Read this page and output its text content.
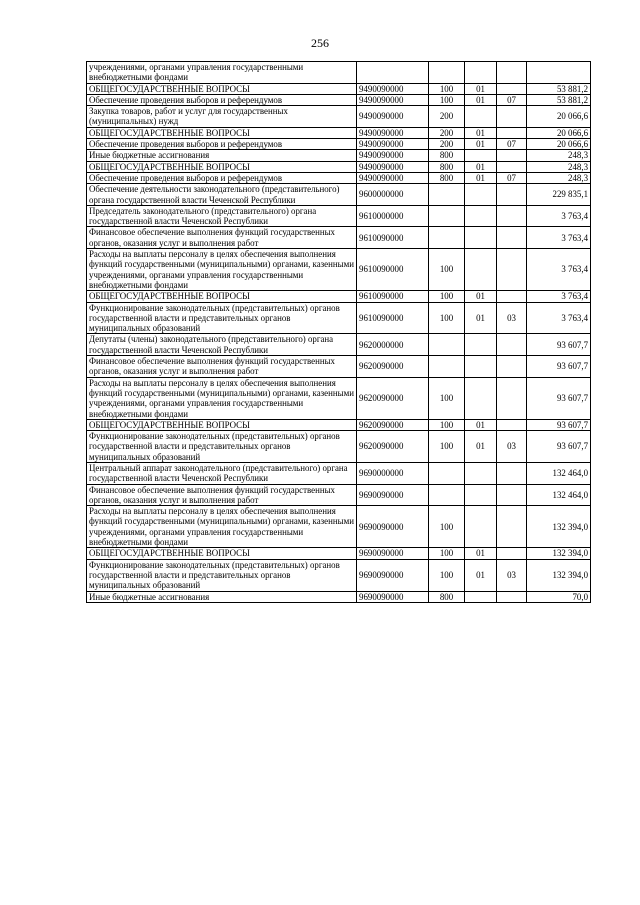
256
учреждениями, органами управления государственными внебюджетными фондами					
ОБЩЕГОСУДАРСТВЕННЫЕ ВОПРОСЫ	9490090000	100	01		53 881,2
Обеспечение проведения выборов и референдумов	9490090000	100	01	07	53 881,2
Закупка товаров, работ и услуг для государственных (муниципальных) нужд	9490090000	200			20 066,6
ОБЩЕГОСУДАРСТВЕННЫЕ ВОПРОСЫ	9490090000	200	01		20 066,6
Обеспечение проведения выборов и референдумов	9490090000	200	01	07	20 066,6
Иные бюджетные ассигнования	9490090000	800			248,3
ОБЩЕГОСУДАРСТВЕННЫЕ ВОПРОСЫ	9490090000	800	01		248,3
Обеспечение проведения выборов и референдумов	9490090000	800	01	07	248,3
Обеспечение деятельности законодательного (представительного) органа государственной власти Чеченской Республики	9600000000				229 835,1
Председатель законодательного (представительного) органа государственной власти Чеченской Республики	9610000000				3 763,4
Финансовое обеспечение выполнения функций государственных органов, оказания услуг и выполнения работ	9610090000				3 763,4
Расходы на выплаты персоналу в целях обеспечения выполнения функций государственными (муниципальными) органами, казенными учреждениями, органами управления государственными внебюджетными фондами	9610090000	100			3 763,4
ОБЩЕГОСУДАРСТВЕННЫЕ ВОПРОСЫ	9610090000	100	01		3 763,4
Функционирование законодательных (представительных) органов государственной власти и представительных органов муниципальных образований	9610090000	100	01	03	3 763,4
Депутаты (члены) законодательного (представительного) органа государственной власти Чеченской Республики	9620000000				93 607,7
Финансовое обеспечение выполнения функций государственных органов, оказания услуг и выполнения работ	9620090000				93 607,7
Расходы на выплаты персоналу в целях обеспечения выполнения функций государственными (муниципальными) органами, казенными учреждениями, органами управления государственными внебюджетными фондами	9620090000	100			93 607,7
ОБЩЕГОСУДАРСТВЕННЫЕ ВОПРОСЫ	9620090000	100	01		93 607,7
Функционирование законодательных (представительных) органов государственной власти и представительных органов муниципальных образований	9620090000	100	01	03	93 607,7
Центральный аппарат законодательного (представительного) органа государственной власти Чеченской Республики	9690000000				132 464,0
Финансовое обеспечение выполнения функций государственных органов, оказания услуг и выполнения работ	9690090000				132 464,0
Расходы на выплаты персоналу в целях обеспечения выполнения функций государственными (муниципальными) органами, казенными учреждениями, органами управления государственными внебюджетными фондами	9690090000	100			132 394,0
ОБЩЕГОСУДАРСТВЕННЫЕ ВОПРОСЫ	9690090000	100	01		132 394,0
Функционирование законодательных (представительных) органов государственной власти и представительных органов муниципальных образований	9690090000	100	01	03	132 394,0
Иные бюджетные ассигнования	9690090000	800			70,0
